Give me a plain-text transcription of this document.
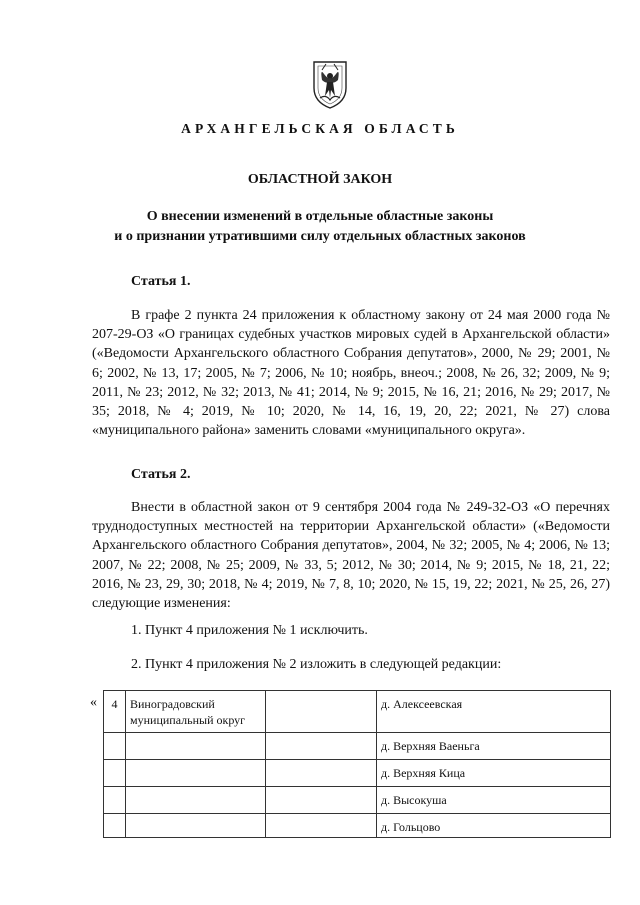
АРХАНГЕЛЬСКАЯ ОБЛАСТЬ
ОБЛАСТНОЙ ЗАКОН
О внесении изменений в отдельные областные законы
и о признании утратившими силу отдельных областных законов
Статья 1.
В графе 2 пункта 24 приложения к областному закону от 24 мая 2000 года № 207-29-ОЗ «О границах судебных участков мировых судей в Архангельской области» («Ведомости Архангельского областного Собрания депутатов», 2000, № 29; 2001, № 6; 2002, № 13, 17; 2005, № 7; 2006, № 10; ноябрь, внеоч.; 2008, № 26, 32; 2009, № 9; 2011, № 23; 2012, № 32; 2013, № 41; 2014, № 9; 2015, № 16, 21; 2016, № 29; 2017, № 35; 2018, № 4; 2019, № 10; 2020, № 14, 16, 19, 20, 22; 2021, № 27) слова «муниципального района» заменить словами «муниципального округа».
Статья 2.
Внести в областной закон от 9 сентября 2004 года № 249-32-ОЗ «О перечнях труднодоступных местностей на территории Архангельской области» («Ведомости Архангельского областного Собрания депутатов», 2004, № 32; 2005, № 4; 2006, № 13; 2007, № 22; 2008, № 25; 2009, № 33, 5; 2012, № 30; 2014, № 9; 2015, № 18, 21, 22; 2016, № 23, 29, 30; 2018, № 4; 2019, № 7, 8, 10; 2020, № 15, 19, 22; 2021, № 25, 26, 27) следующие изменения:
1. Пункт 4 приложения № 1 исключить.
2. Пункт 4 приложения № 2 изложить в следующей редакции:
« 4	Виноградовский муниципальный округ		д. Алексеевская
			д. Верхняя Ваеньга
			д. Верхняя Кица
			д. Высокуша
			д. Гольцово
